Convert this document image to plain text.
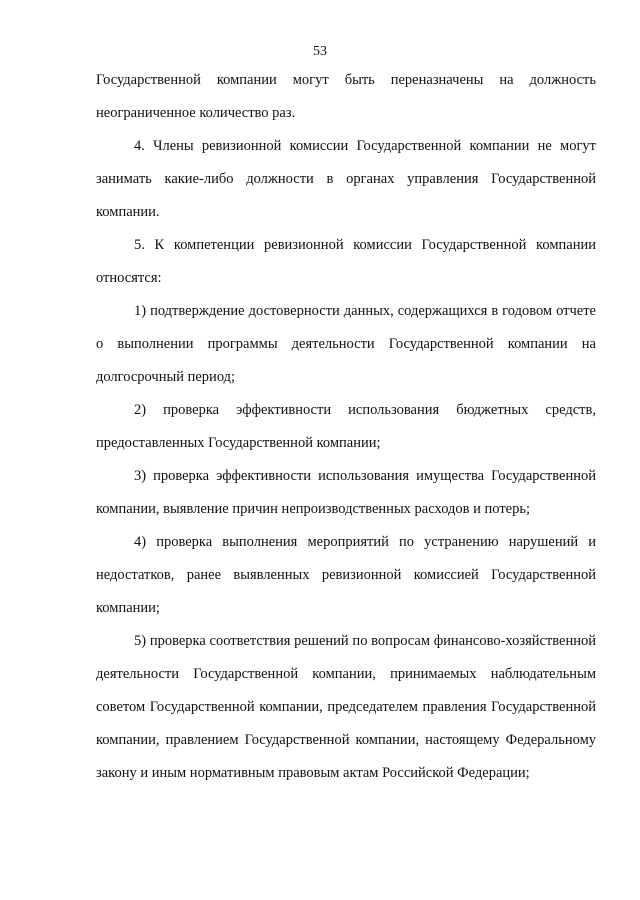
53

Государственной компании могут быть переназначены на должность неограниченное количество раз.

4. Члены ревизионной комиссии Государственной компании не могут занимать какие-либо должности в органах управления Государственной компании.

5. К компетенции ревизионной комиссии Государственной компании относятся:

1) подтверждение достоверности данных, содержащихся в годовом отчете о выполнении программы деятельности Государственной компании на долгосрочный период;

2) проверка эффективности использования бюджетных средств, предоставленных Государственной компании;

3) проверка эффективности использования имущества Государственной компании, выявление причин непроизводственных расходов и потерь;

4) проверка выполнения мероприятий по устранению нарушений и недостатков, ранее выявленных ревизионной комиссией Государственной компании;

5) проверка соответствия решений по вопросам финансово-хозяйственной деятельности Государственной компании, принимаемых наблюдательным советом Государственной компании, председателем правления Государственной компании, правлением Государственной компании, настоящему Федеральному закону и иным нормативным правовым актам Российской Федерации;
